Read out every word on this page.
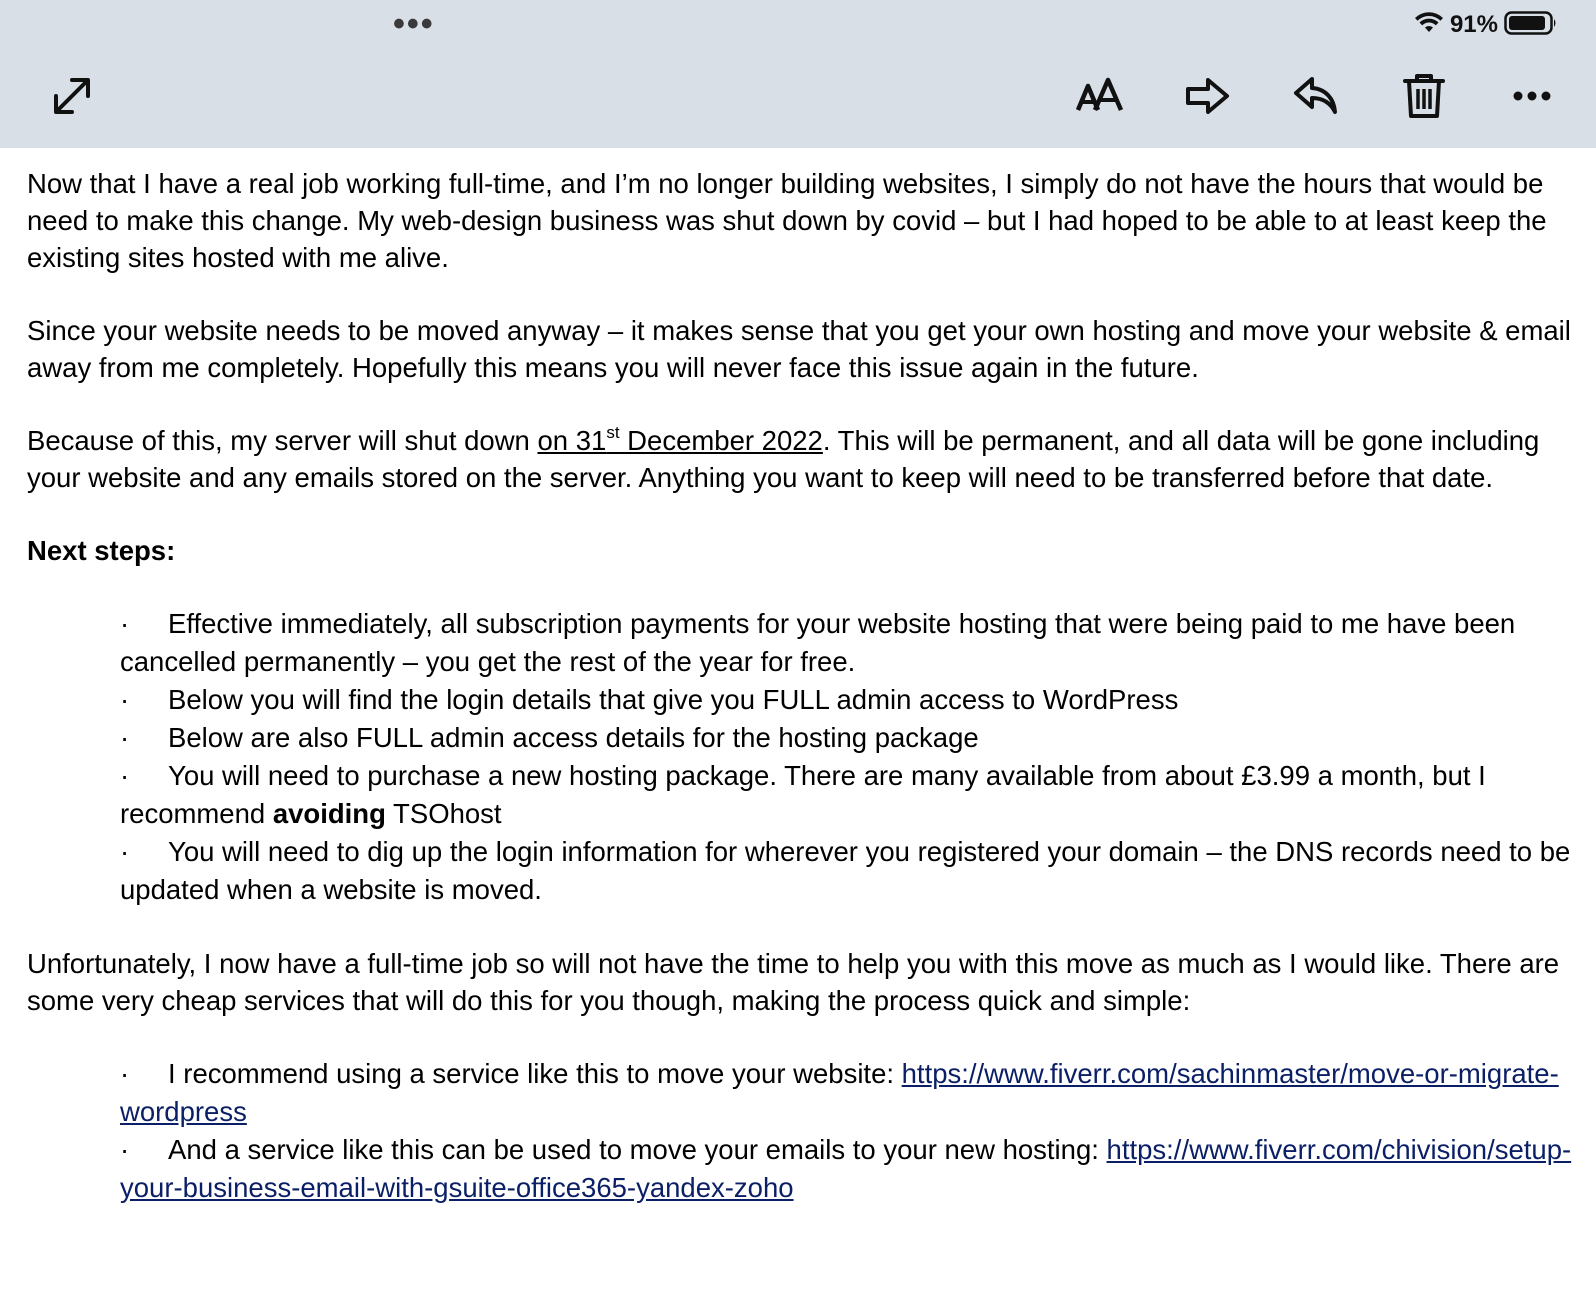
•••	91%

Now that I have a real job working full-time, and I’m no longer building websites, I simply do not have the hours that would be need to make this change. My web-design business was shut down by covid – but I had hoped to be able to at least keep the existing sites hosted with me alive.

Since your website needs to be moved anyway – it makes sense that you get your own hosting and move your website & email away from me completely. Hopefully this means you will never face this issue again in the future.

Because of this, my server will shut down on 31st December 2022. This will be permanent, and all data will be gone including your website and any emails stored on the server. Anything you want to keep will need to be transferred before that date.

Next steps:

· Effective immediately, all subscription payments for your website hosting that were being paid to me have been cancelled permanently – you get the rest of the year for free.
· Below you will find the login details that give you FULL admin access to WordPress
· Below are also FULL admin access details for the hosting package
· You will need to purchase a new hosting package. There are many available from about £3.99 a month, but I recommend avoiding TSOhost
· You will need to dig up the login information for wherever you registered your domain – the DNS records need to be updated when a website is moved.

Unfortunately, I now have a full-time job so will not have the time to help you with this move as much as I would like. There are some very cheap services that will do this for you though, making the process quick and simple:

· I recommend using a service like this to move your website: https://www.fiverr.com/sachinmaster/move-or-migrate-wordpress
· And a service like this can be used to move your emails to your new hosting: https://www.fiverr.com/chivision/setup-your-business-email-with-gsuite-office365-yandex-zoho
